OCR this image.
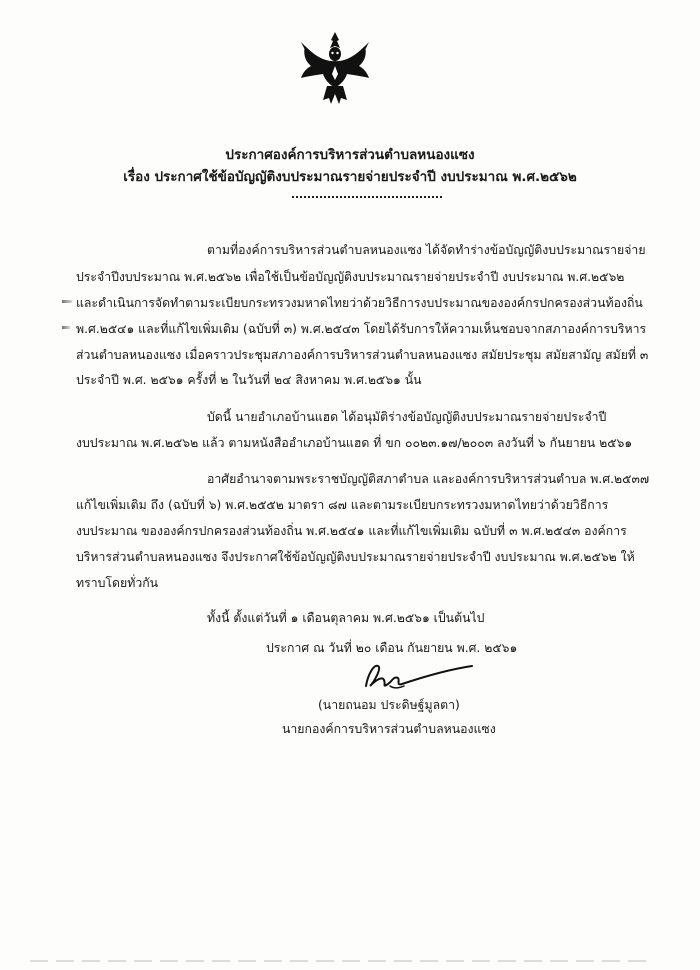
ประกาศองค์การบริหารส่วนตำบลหนองแซง
เรื่อง ประกาศใช้ข้อบัญญัติงบประมาณรายจ่ายประจำปี งบประมาณ พ.ศ.๒๕๖๒
ตามที่องค์การบริหารส่วนตำบลหนองแซง ได้จัดทำร่างข้อบัญญัติงบประมาณรายจ่าย
ประจำปีงบประมาณ พ.ศ.๒๕๖๒ เพื่อใช้เป็นข้อบัญญัติงบประมาณรายจ่ายประจำปี งบประมาณ พ.ศ.๒๕๖๒
และดำเนินการจัดทำตามระเบียบกระทรวงมหาดไทยว่าด้วยวิธีการงบประมาณขององค์กรปกครองส่วนท้องถิ่น
พ.ศ.๒๕๔๑ และที่แก้ไขเพิ่มเติม (ฉบับที่ ๓) พ.ศ.๒๕๔๓ โดยได้รับการให้ความเห็นชอบจากสภาองค์การบริหาร
ส่วนตำบลหนองแซง เมื่อคราวประชุมสภาองค์การบริหารส่วนตำบลหนองแซง สมัยประชุม สมัยสามัญ สมัยที่ ๓
ประจำปี พ.ศ. ๒๕๖๑ ครั้งที่ ๒ ในวันที่ ๒๔ สิงหาคม พ.ศ.๒๕๖๑ นั้น
บัดนี้ นายอำเภอบ้านแฮด ได้อนุมัติร่างข้อบัญญัติงบประมาณรายจ่ายประจำปี
งบประมาณ พ.ศ.๒๕๖๒ แล้ว ตามหนังสืออำเภอบ้านแฮด ที่ ขก ๐๐๒๓.๑๗/๒๐๐๓ ลงวันที่ ๖ กันยายน ๒๕๖๑
อาศัยอำนาจตามพระราชบัญญัติสภาตำบล และองค์การบริหารส่วนตำบล พ.ศ.๒๕๓๗
แก้ไขเพิ่มเติม ถึง (ฉบับที่ ๖) พ.ศ.๒๕๕๒ มาตรา ๘๗ และตามระเบียบกระทรวงมหาดไทยว่าด้วยวิธีการ
งบประมาณ ขององค์กรปกครองส่วนท้องถิ่น พ.ศ.๒๕๔๑ และที่แก้ไขเพิ่มเติม ฉบับที่ ๓ พ.ศ.๒๕๔๓ องค์การ
บริหารส่วนตำบลหนองแซง จึงประกาศใช้ข้อบัญญัติงบประมาณรายจ่ายประจำปี งบประมาณ พ.ศ.๒๕๖๒ ให้
ทราบโดยทั่วกัน
ทั้งนี้ ตั้งแต่วันที่ ๑ เดือนตุลาคม พ.ศ.๒๕๖๑ เป็นต้นไป
ประกาศ ณ วันที่ ๒๐ เดือน กันยายน พ.ศ. ๒๕๖๑
(นายถนอม ประดิษฐ์มูลตา)
นายกองค์การบริหารส่วนตำบลหนองแซง
